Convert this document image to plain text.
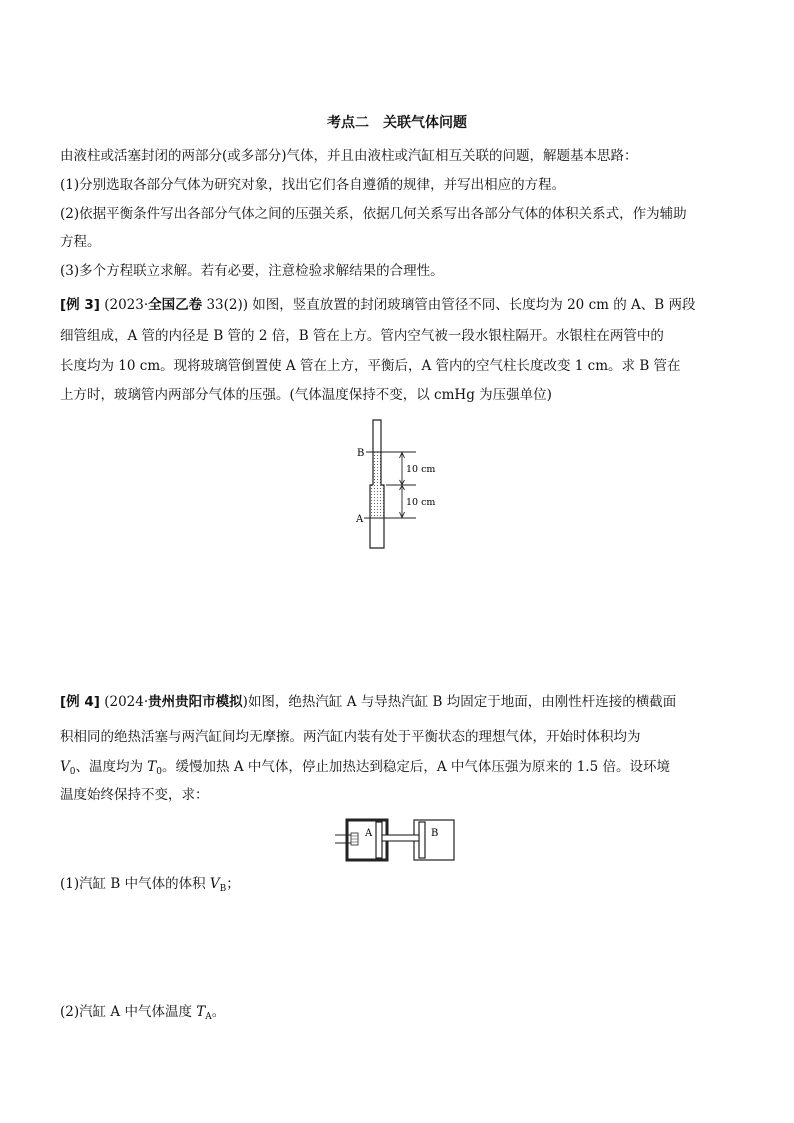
考点二　关联气体问题
由液柱或活塞封闭的两部分(或多部分)气体，并且由液柱或汽缸相互关联的问题，解题基本思路：
(1)分别选取各部分气体为研究对象，找出它们各自遵循的规律，并写出相应的方程。
(2)依据平衡条件写出各部分气体之间的压强关系，依据几何关系写出各部分气体的体积关系式，作为辅助
方程。
(3)多个方程联立求解。若有必要，注意检验求解结果的合理性。
[例 3] (2023·全国乙卷 33(2)) 如图，竖直放置的封闭玻璃管由管径不同、长度均为 20 cm 的 A、B 两段
细管组成，A 管的内径是 B 管的 2 倍，B 管在上方。管内空气被一段水银柱隔开。水银柱在两管中的
长度均为 10 cm。现将玻璃管倒置使 A 管在上方，平衡后，A 管内的空气柱长度改变 1 cm。求 B 管在
上方时，玻璃管内两部分气体的压强。(气体温度保持不变，以 cmHg 为压强单位)
B
A
10 cm
10 cm
[例 4] (2024·贵州贵阳市模拟)如图，绝热汽缸 A 与导热汽缸 B 均固定于地面，由刚性杆连接的横截面
积相同的绝热活塞与两汽缸间均无摩擦。两汽缸内装有处于平衡状态的理想气体，开始时体积均为
$V_0$、温度均为 $T_0$。缓慢加热 A 中气体，停止加热达到稳定后，A 中气体压强为原来的 1.5 倍。设环境
温度始终保持不变，求：
A	B
(1)汽缸 B 中气体的体积 $V_B$；
(2)汽缸 A 中气体温度 $T_A$。
